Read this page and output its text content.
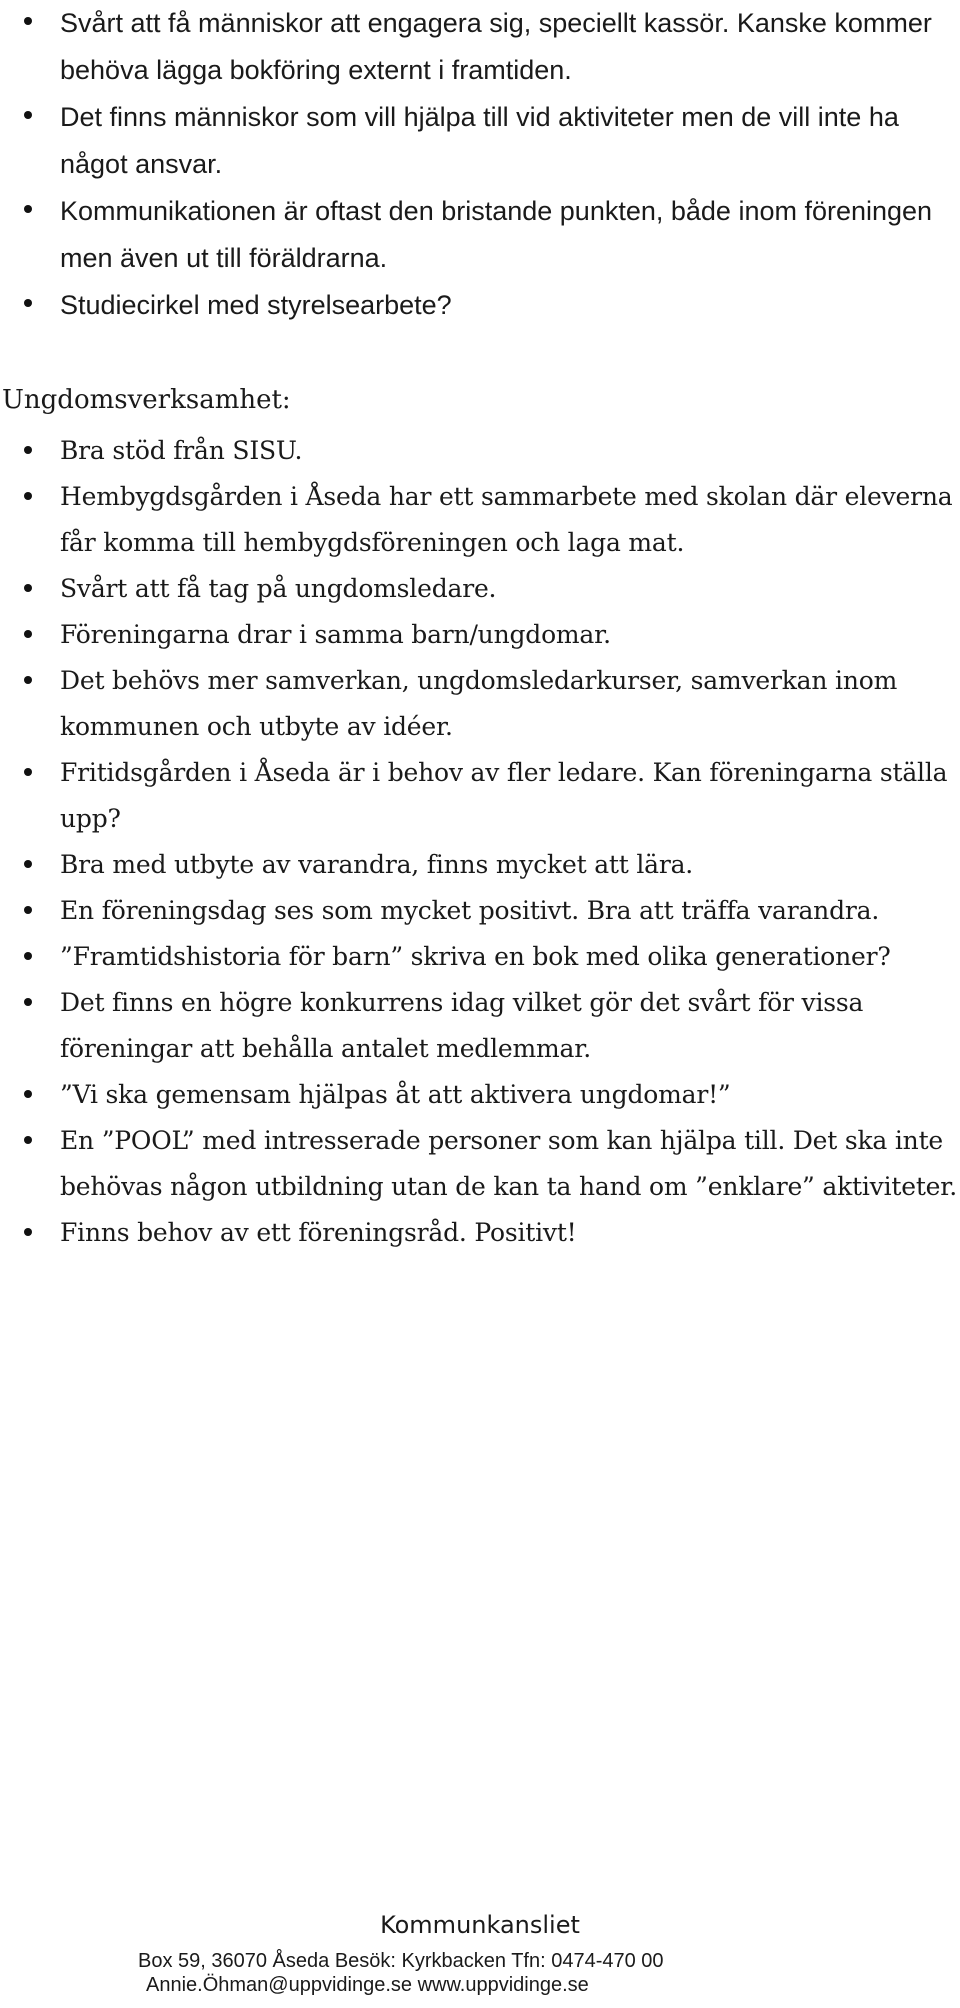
Svårt att få människor att engagera sig, speciellt kassör. Kanske kommer behöva lägga bokföring externt i framtiden.
Det finns människor som vill hjälpa till vid aktiviteter men de vill inte ha något ansvar.
Kommunikationen är oftast den bristande punkten, både inom föreningen men även ut till föräldrarna.
Studiecirkel med styrelsearbete?
Ungdomsverksamhet:
Bra stöd från SISU.
Hembygdsgården i Åseda har ett sammarbete med skolan där eleverna får komma till hembygdsföreningen och laga mat.
Svårt att få tag på ungdomsledare.
Föreningarna drar i samma barn/ungdomar.
Det behövs mer samverkan, ungdomsledarkurser, samverkan inom kommunen och utbyte av idéer.
Fritidsgården i Åseda är i behov av fler ledare. Kan föreningarna ställa upp?
Bra med utbyte av varandra, finns mycket att lära.
En föreningsdag ses som mycket positivt. Bra att träffa varandra.
”Framtidshistoria för barn” skriva en bok med olika generationer?
Det finns en högre konkurrens idag vilket gör det svårt för vissa föreningar att behålla antalet medlemmar.
”Vi ska gemensam hjälpas åt att aktivera ungdomar!”
En ”POOL” med intresserade personer som kan hjälpa till. Det ska inte behövas någon utbildning utan de kan ta hand om ”enklare” aktiviteter.
Finns behov av ett föreningsråd. Positivt!
Kommunkansliet
Box 59, 36070 Åseda Besök: Kyrkbacken Tfn: 0474-470 00
Annie.Öhman@uppvidinge.se www.uppvidinge.se
